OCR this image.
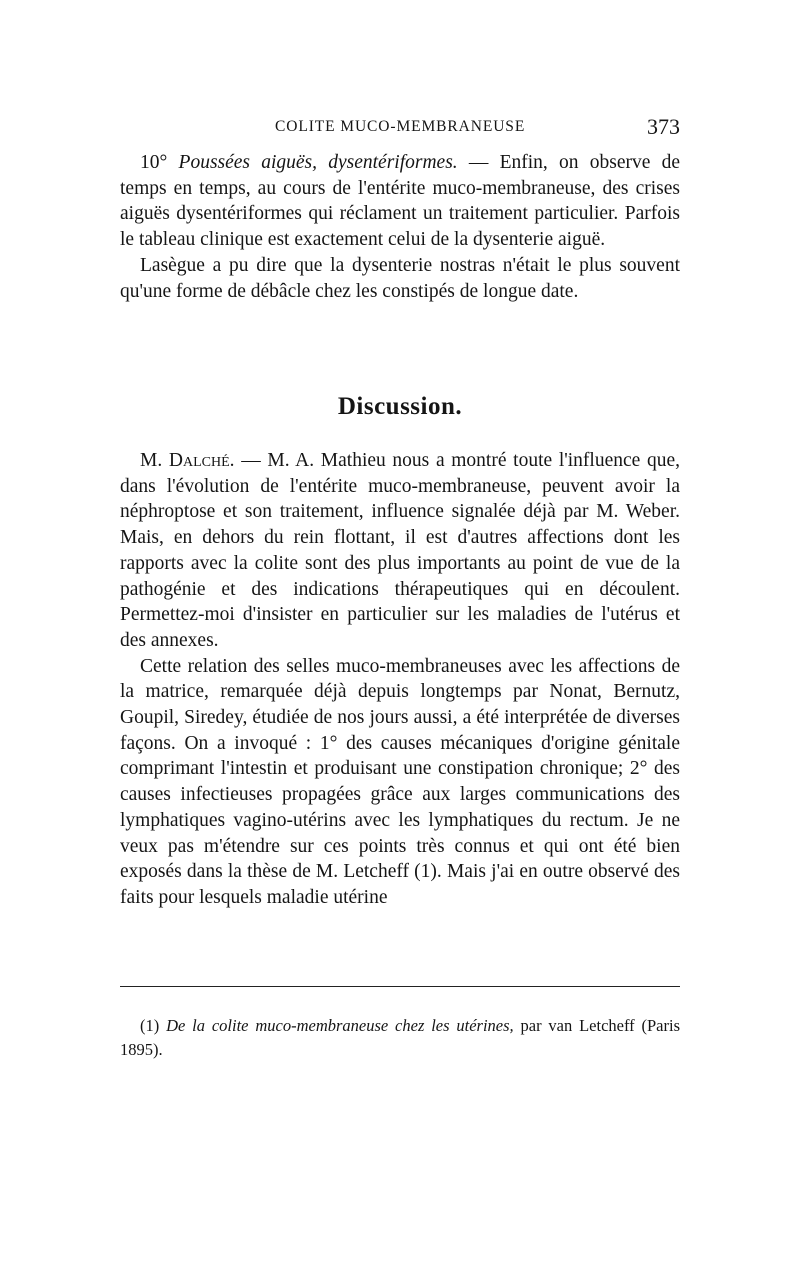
COLITE MUCO-MEMBRANEUSE	373

10° Poussées aiguës, dysentériformes. — Enfin, on observe de temps en temps, au cours de l'entérite muco-membraneuse, des crises aiguës dysentériformes qui réclament un traitement particulier. Parfois le tableau clinique est exactement celui de la dysenterie aiguë.

Lasègue a pu dire que la dysenterie nostras n'était le plus souvent qu'une forme de débâcle chez les constipés de longue date.

Discussion.

M. Dalché. — M. A. Mathieu nous a montré toute l'influence que, dans l'évolution de l'entérite muco-membraneuse, peuvent avoir la néphroptose et son traitement, influence signalée déjà par M. Weber. Mais, en dehors du rein flottant, il est d'autres affections dont les rapports avec la colite sont des plus importants au point de vue de la pathogénie et des indications thérapeutiques qui en découlent. Permettez-moi d'insister en particulier sur les maladies de l'utérus et des annexes.

Cette relation des selles muco-membraneuses avec les affections de la matrice, remarquée déjà depuis longtemps par Nonat, Bernutz, Goupil, Siredey, étudiée de nos jours aussi, a été interprétée de diverses façons. On a invoqué : 1° des causes mécaniques d'origine génitale comprimant l'intestin et produisant une constipation chronique; 2° des causes infectieuses propagées grâce aux larges communications des lymphatiques vagino-utérins avec les lymphatiques du rectum. Je ne veux pas m'étendre sur ces points très connus et qui ont été bien exposés dans la thèse de M. Letcheff (1). Mais j'ai en outre observé des faits pour lesquels maladie utérine

(1) De la colite muco-membraneuse chez les utérines, par van Letcheff (Paris 1895).
